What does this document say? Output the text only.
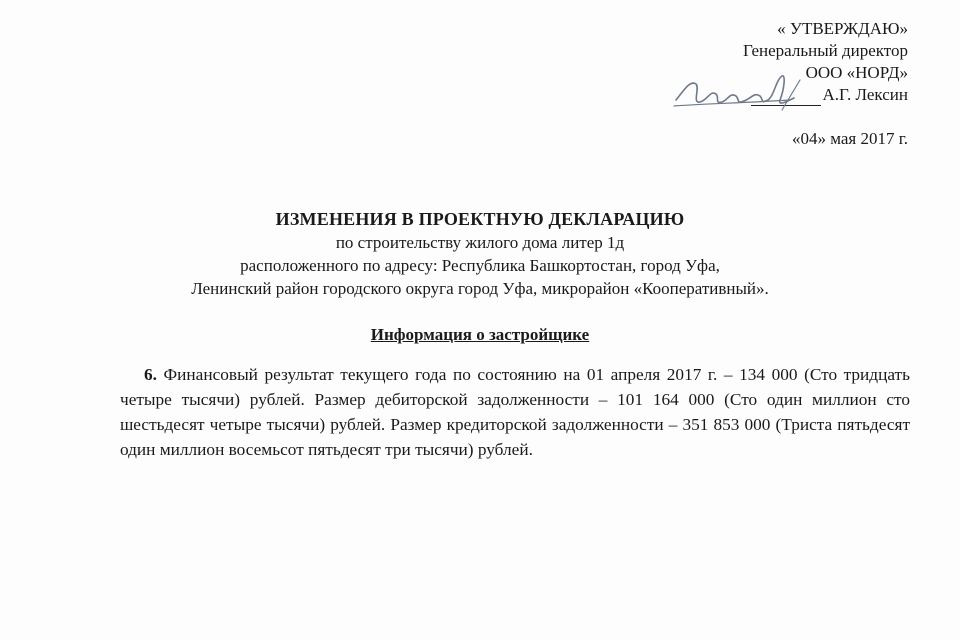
« УТВЕРЖДАЮ»
Генеральный директор
ООО «НОРД»
А.Г. Лексин
«04» мая 2017 г.
ИЗМЕНЕНИЯ В ПРОЕКТНУЮ ДЕКЛАРАЦИЮ
по строительству жилого дома литер 1д
расположенного по адресу: Республика Башкортостан, город Уфа,
Ленинский район городского округа город Уфа, микрорайон «Кооперативный».
Информация о застройщике
6. Финансовый результат текущего года по состоянию на 01 апреля 2017 г. – 134 000 (Сто тридцать четыре тысячи) рублей. Размер дебиторской задолженности – 101 164 000 (Сто один миллион сто шестьдесят четыре тысячи) рублей. Размер кредиторской задолженности – 351 853 000 (Триста пятьдесят один миллион восемьсот пятьдесят три тысячи) рублей.
